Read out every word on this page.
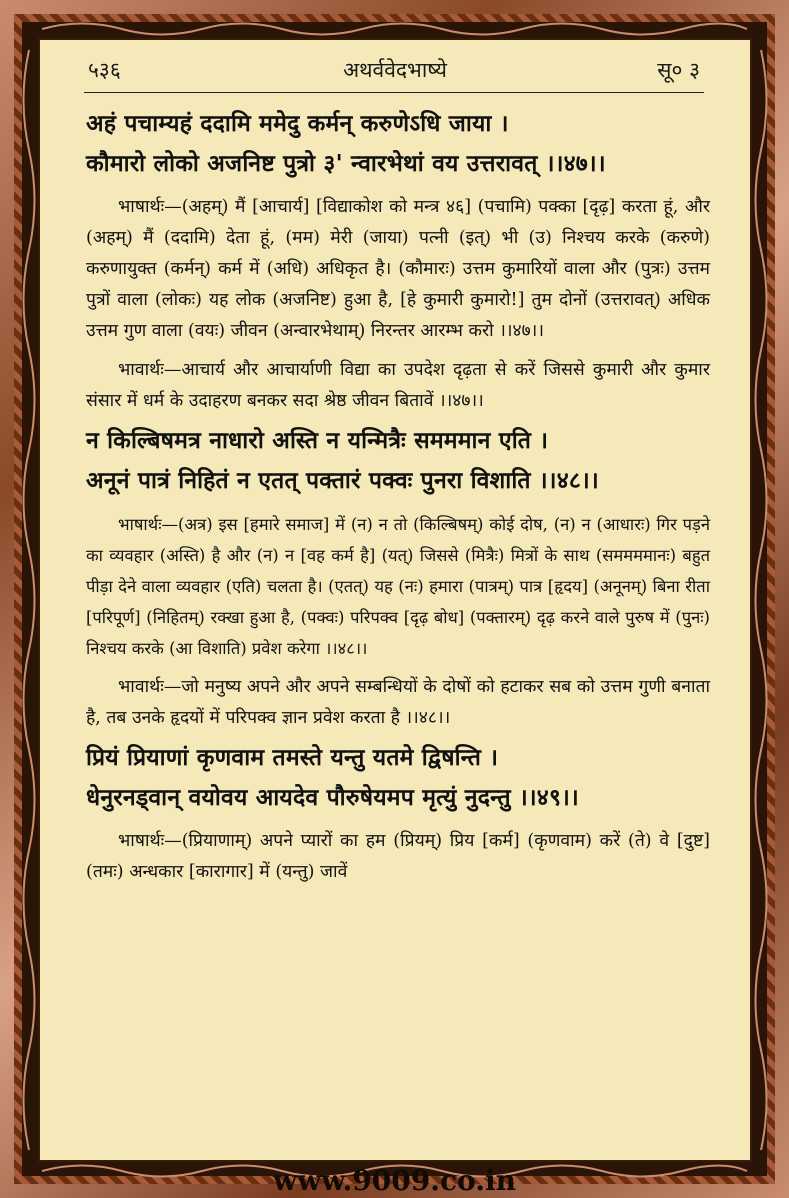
५३६	अथर्ववेदभाष्ये	सू० ३
अहं पचाम्यहं ददामि ममेदु कर्मन् करुणेऽधि जाया ।
कौमारो लोको अजनिष्ट पुत्रो ३' न्वारभेथां वय उत्तरावत् ।।४७।।

भाषार्थः—(अहम्) मैं [आचार्य] [विद्याकोश को मन्त्र ४६] (पचामि) पक्का [दृढ़] करता हूं, और (अहम्) मैं (ददामि) देता हूं, (मम) मेरी (जाया) पत्नी (इत्) भी (उ) निश्चय करके (करुणे) करुणायुक्त (कर्मन्) कर्म में (अधि) अधिकृत है। (कौमारः) उत्तम कुमारियों वाला और (पुत्रः) उत्तम पुत्रों वाला (लोकः) यह लोक (अजनिष्ट) हुआ है, [हे कुमारी कुमारो!] तुम दोनों (उत्तरावत्) अधिक उत्तम गुण वाला (वयः) जीवन (अन्वारभेथाम्) निरन्तर आरम्भ करो ।।४७।।

भावार्थः—आचार्य और आचार्याणी विद्या का उपदेश दृढ़ता से करें जिससे कुमारी और कुमार संसार में धर्म के उदाहरण बनकर सदा श्रेष्ठ जीवन बितावें ।।४७।।

न किल्बिषमत्र नाधारो अस्ति न यन्मित्रैः समममान एति ।
अनूनं पात्रं निहितं न एतत् पक्तारं पक्वः पुनरा विशाति ।।४८।।

भाषार्थः—(अत्र) इस [हमारे समाज] में (न) न तो (किल्बिषम्) कोई दोष, (न) न (आधारः) गिर पड़ने का व्यवहार (अस्ति) है और (न) न [वह कर्म है] (यत्) जिससे (मित्रैः) मित्रों के साथ (सममममानः) बहुत पीड़ा देने वाला व्यवहार (एति) चलता है। (एतत्) यह (नः) हमारा (पात्रम्) पात्र [हृदय] (अनूनम्) बिना रीता [परिपूर्ण] (निहितम्) रक्खा हुआ है, (पक्वः) परिपक्व [दृढ़ बोध] (पक्तारम्) दृढ़ करने वाले पुरुष में (पुनः) निश्चय करके (आ विशाति) प्रवेश करेगा ।।४८।।

भावार्थः—जो मनुष्य अपने और अपने सम्बन्धियों के दोषों को हटाकर सब को उत्तम गुणी बनाता है, तब उनके हृदयों में परिपक्व ज्ञान प्रवेश करता है ।।४८।।

प्रियं प्रियाणां कृणवाम तमस्ते यन्तु यतमे द्विषन्ति ।
धेनुरनड्वान् वयोवय आयदेव पौरुषेयमप मृत्युं नुदन्तु ।।४९।।

भाषार्थः—(प्रियाणाम्) अपने प्यारों का हम (प्रियम्) प्रिय [कर्म] (कृणवाम) करें (ते) वे [दुष्ट] (तमः) अन्धकार [कारागार] में (यन्तु) जावें

www.9009.co.in
